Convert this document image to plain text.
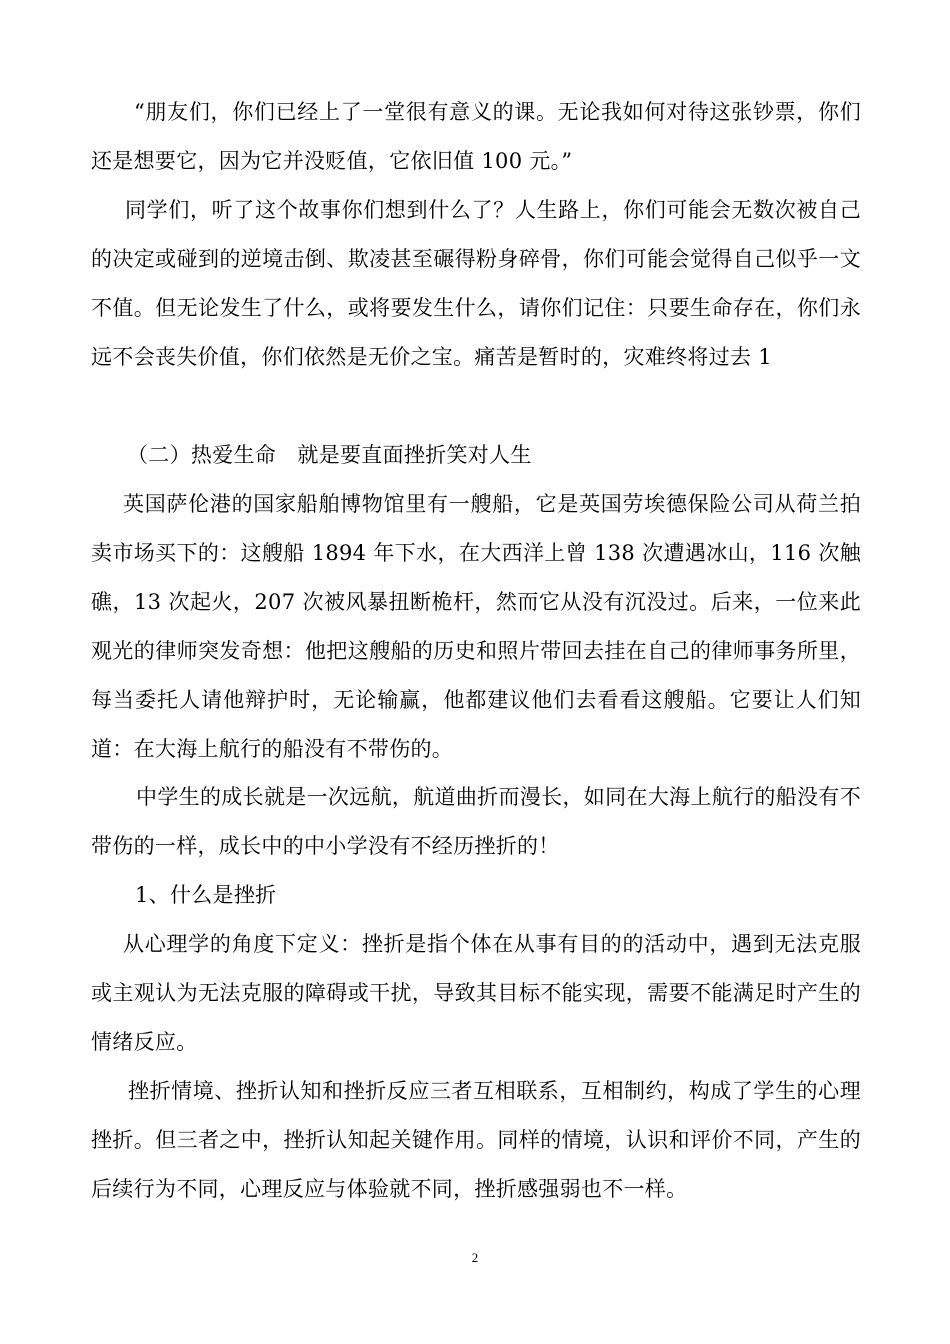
“朋友们，你们已经上了一堂很有意义的课。无论我如何对待这张钞票，你们还是想要它，因为它并没贬值，它依旧值 100 元。”

同学们，听了这个故事你们想到什么了？人生路上，你们可能会无数次被自己的决定或碰到的逆境击倒、欺凌甚至碾得粉身碎骨，你们可能会觉得自己似乎一文不值。但无论发生了什么，或将要发生什么，请你们记住：只要生命存在，你们永远不会丧失价值，你们依然是无价之宝。痛苦是暂时的，灾难终将过去 1

（二）热爱生命　就是要直面挫折笑对人生

英国萨伦港的国家船舶博物馆里有一艘船，它是英国劳埃德保险公司从荷兰拍卖市场买下的：这艘船 1894 年下水，在大西洋上曾 138 次遭遇冰山，116 次触礁，13 次起火，207 次被风暴扭断桅杆，然而它从没有沉没过。后来，一位来此观光的律师突发奇想：他把这艘船的历史和照片带回去挂在自己的律师事务所里，每当委托人请他辩护时，无论输赢，他都建议他们去看看这艘船。它要让人们知道：在大海上航行的船没有不带伤的。

中学生的成长就是一次远航，航道曲折而漫长，如同在大海上航行的船没有不带伤的一样，成长中的中小学没有不经历挫折的！

1、什么是挫折

从心理学的角度下定义：挫折是指个体在从事有目的的活动中，遇到无法克服或主观认为无法克服的障碍或干扰，导致其目标不能实现，需要不能满足时产生的情绪反应。

挫折情境、挫折认知和挫折反应三者互相联系，互相制约，构成了学生的心理挫折。但三者之中，挫折认知起关键作用。同样的情境，认识和评价不同，产生的后续行为不同，心理反应与体验就不同，挫折感强弱也不一样。

2
